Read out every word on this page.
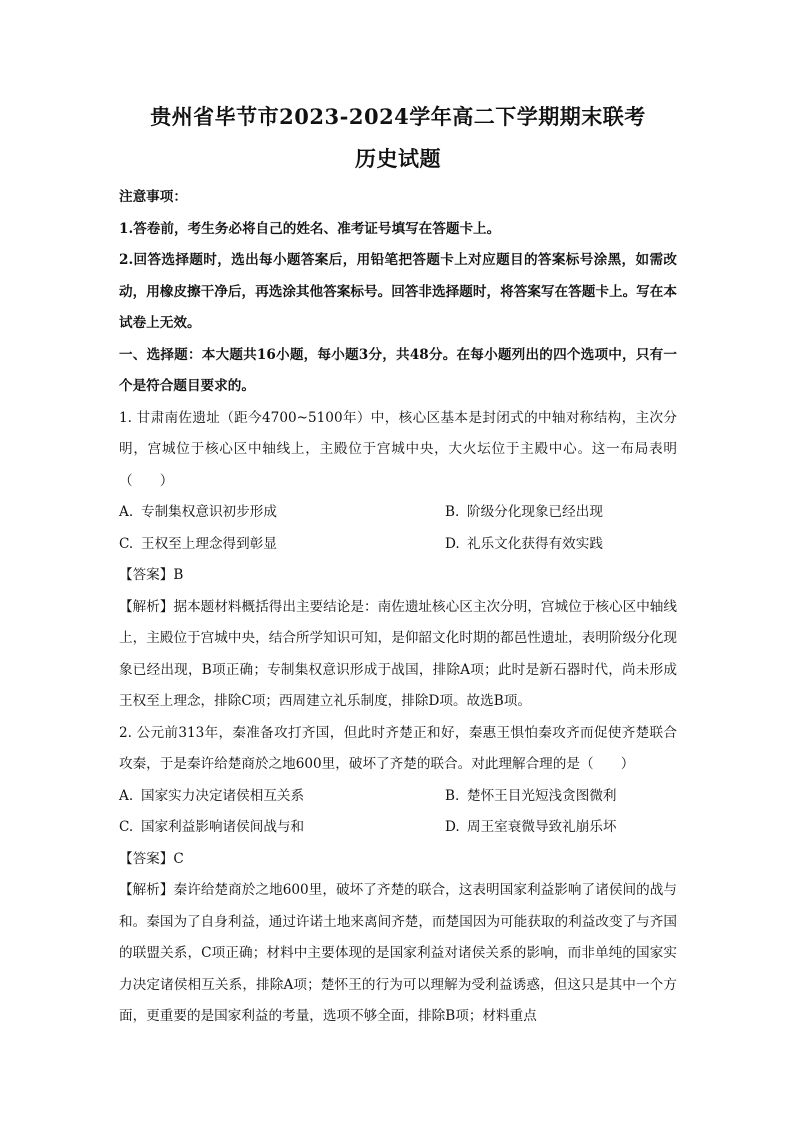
贵州省毕节市2023-2024学年高二下学期期末联考
历史试题

注意事项：

1.答卷前，考生务必将自己的姓名、准考证号填写在答题卡上。

2.回答选择题时，选出每小题答案后，用铅笔把答题卡上对应题目的答案标号涂黑，如需改动，用橡皮擦干净后，再选涂其他答案标号。回答非选择题时，将答案写在答题卡上。写在本试卷上无效。

一、选择题：本大题共16小题，每小题3分，共48分。在每小题列出的四个选项中，只有一个是符合题目要求的。

1. 甘肃南佐遗址（距今4700~5100年）中，核心区基本是封闭式的中轴对称结构，主次分明，宫城位于核心区中轴线上，主殿位于宫城中央，大火坛位于主殿中心。这一布局表明（　　）

A. 专制集权意识初步形成	B. 阶级分化现象已经出现
C. 王权至上理念得到彰显	D. 礼乐文化获得有效实践

【答案】B

【解析】据本题材料概括得出主要结论是：南佐遗址核心区主次分明，宫城位于核心区中轴线上，主殿位于宫城中央，结合所学知识可知，是仰韶文化时期的都邑性遗址，表明阶级分化现象已经出现，B项正确；专制集权意识形成于战国，排除A项；此时是新石器时代，尚未形成王权至上理念，排除C项；西周建立礼乐制度，排除D项。故选B项。

2. 公元前313年，秦准备攻打齐国，但此时齐楚正和好，秦惠王惧怕秦攻齐而促使齐楚联合攻秦，于是秦许给楚商於之地600里，破坏了齐楚的联合。对此理解合理的是（　　）

A. 国家实力决定诸侯相互关系	B. 楚怀王目光短浅贪图微利
C. 国家利益影响诸侯间战与和	D. 周王室衰微导致礼崩乐坏

【答案】C

【解析】秦许给楚商於之地600里，破坏了齐楚的联合，这表明国家利益影响了诸侯间的战与和。秦国为了自身利益，通过许诺土地来离间齐楚，而楚国因为可能获取的利益改变了与齐国的联盟关系，C项正确；材料中主要体现的是国家利益对诸侯关系的影响，而非单纯的国家实力决定诸侯相互关系，排除A项；楚怀王的行为可以理解为受利益诱惑，但这只是其中一个方面，更重要的是国家利益的考量，选项不够全面，排除B项；材料重点
